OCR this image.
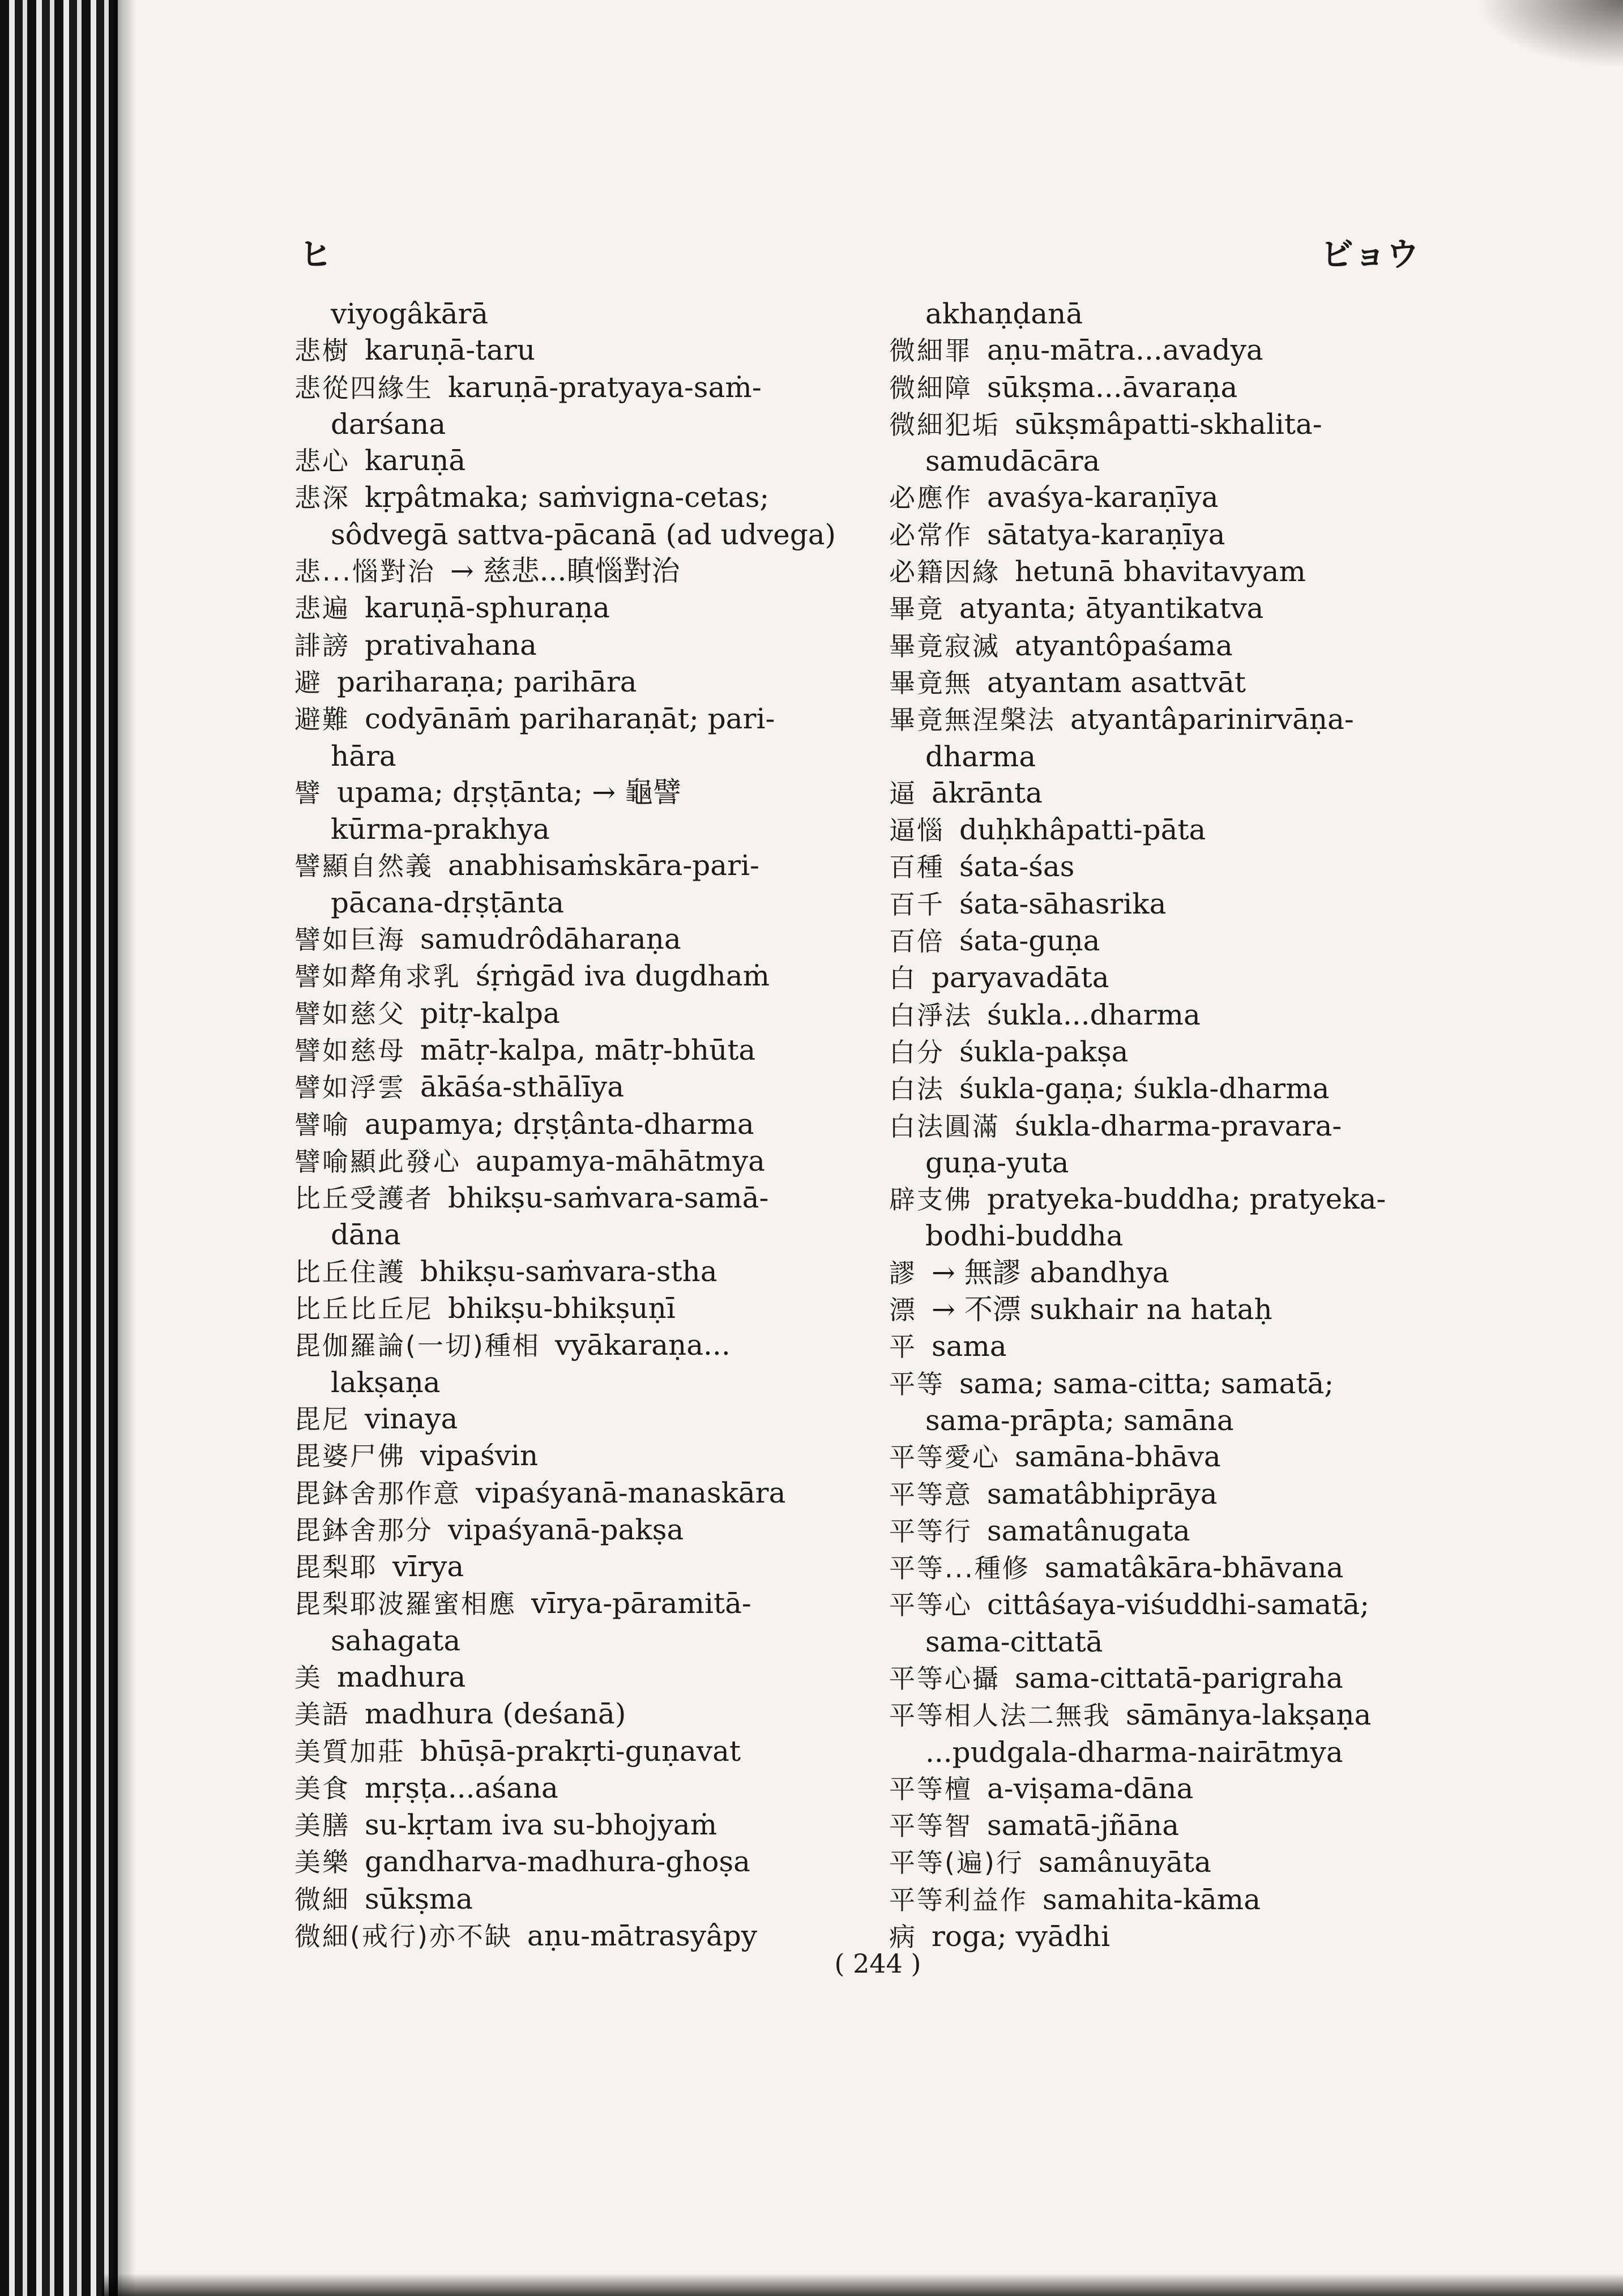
ヒ	ビョウ
viyogâkārā
悲樹 karuṇā-taru
悲從四緣生 karuṇā-pratyaya-saṁ-
darśana
悲心 karuṇā
悲深 kṛpâtmaka; saṁvigna-cetas;
sôdvegā sattva-pācanā (ad udvega)
悲...惱對治 → 慈悲...瞋惱對治
悲遍 karuṇā-sphuraṇa
誹謗 prativahana
避 pariharaṇa; parihāra
避難 codyānāṁ pariharaṇāt; pari-
hāra
譬 upama; dṛṣṭānta; → 龜譬
kūrma-prakhya
譬顯自然義 anabhisaṁskāra-pari-
pācana-dṛṣṭānta
譬如巨海 samudrôdāharaṇa
譬如犛角求乳 śṛṅgād iva dugdhaṁ
譬如慈父 pitṛ-kalpa
譬如慈母 mātṛ-kalpa, mātṛ-bhūta
譬如浮雲 ākāśa-sthālīya
譬喻 aupamya; dṛṣṭânta-dharma
譬喻顯此發心 aupamya-māhātmya
比丘受護者 bhikṣu-saṁvara-samā-
dāna
比丘住護 bhikṣu-saṁvara-stha
比丘比丘尼 bhikṣu-bhikṣuṇī
毘伽羅論(一切)種相 vyākaraṇa...
lakṣaṇa
毘尼 vinaya
毘婆尸佛 vipaśvin
毘鉢舍那作意 vipaśyanā-manaskāra
毘鉢舍那分 vipaśyanā-pakṣa
毘梨耶 vīrya
毘梨耶波羅蜜相應 vīrya-pāramitā-
sahagata
美 madhura
美語 madhura (deśanā)
美質加莊 bhūṣā-prakṛti-guṇavat
美食 mṛṣṭa...aśana
美膳 su-kṛtam iva su-bhojyaṁ
美樂 gandharva-madhura-ghoṣa
微細 sūkṣma
微細(戒行)亦不缺 aṇu-mātrasyâpy
akhaṇḍanā
微細罪 aṇu-mātra...avadya
微細障 sūkṣma...āvaraṇa
微細犯垢 sūkṣmâpatti-skhalita-
samudācāra
必應作 avaśya-karaṇīya
必常作 sātatya-karaṇīya
必籍因緣 hetunā bhavitavyam
畢竟 atyanta; ātyantikatva
畢竟寂滅 atyantôpaśama
畢竟無 atyantam asattvāt
畢竟無涅槃法 atyantâparinirvāṇa-
dharma
逼 ākrānta
逼惱 duḥkhâpatti-pāta
百種 śata-śas
百千 śata-sāhasrika
百倍 śata-guṇa
白 paryavadāta
白淨法 śukla...dharma
白分 śukla-pakṣa
白法 śukla-gaṇa; śukla-dharma
白法圓滿 śukla-dharma-pravara-
guṇa-yuta
辟支佛 pratyeka-buddha; pratyeka-
bodhi-buddha
謬 → 無謬 abandhya
漂 → 不漂 sukhair na hataḥ
平 sama
平等 sama; sama-citta; samatā;
sama-prāpta; samāna
平等愛心 samāna-bhāva
平等意 samatâbhiprāya
平等行 samatânugata
平等...種修 samatâkāra-bhāvana
平等心 cittâśaya-viśuddhi-samatā;
sama-cittatā
平等心攝 sama-cittatā-parigraha
平等相人法二無我 sāmānya-lakṣaṇa
...pudgala-dharma-nairātmya
平等檀 a-viṣama-dāna
平等智 samatā-jñāna
平等(遍)行 samânuyāta
平等利益作 samahita-kāma
病 roga; vyādhi
( 244 )
